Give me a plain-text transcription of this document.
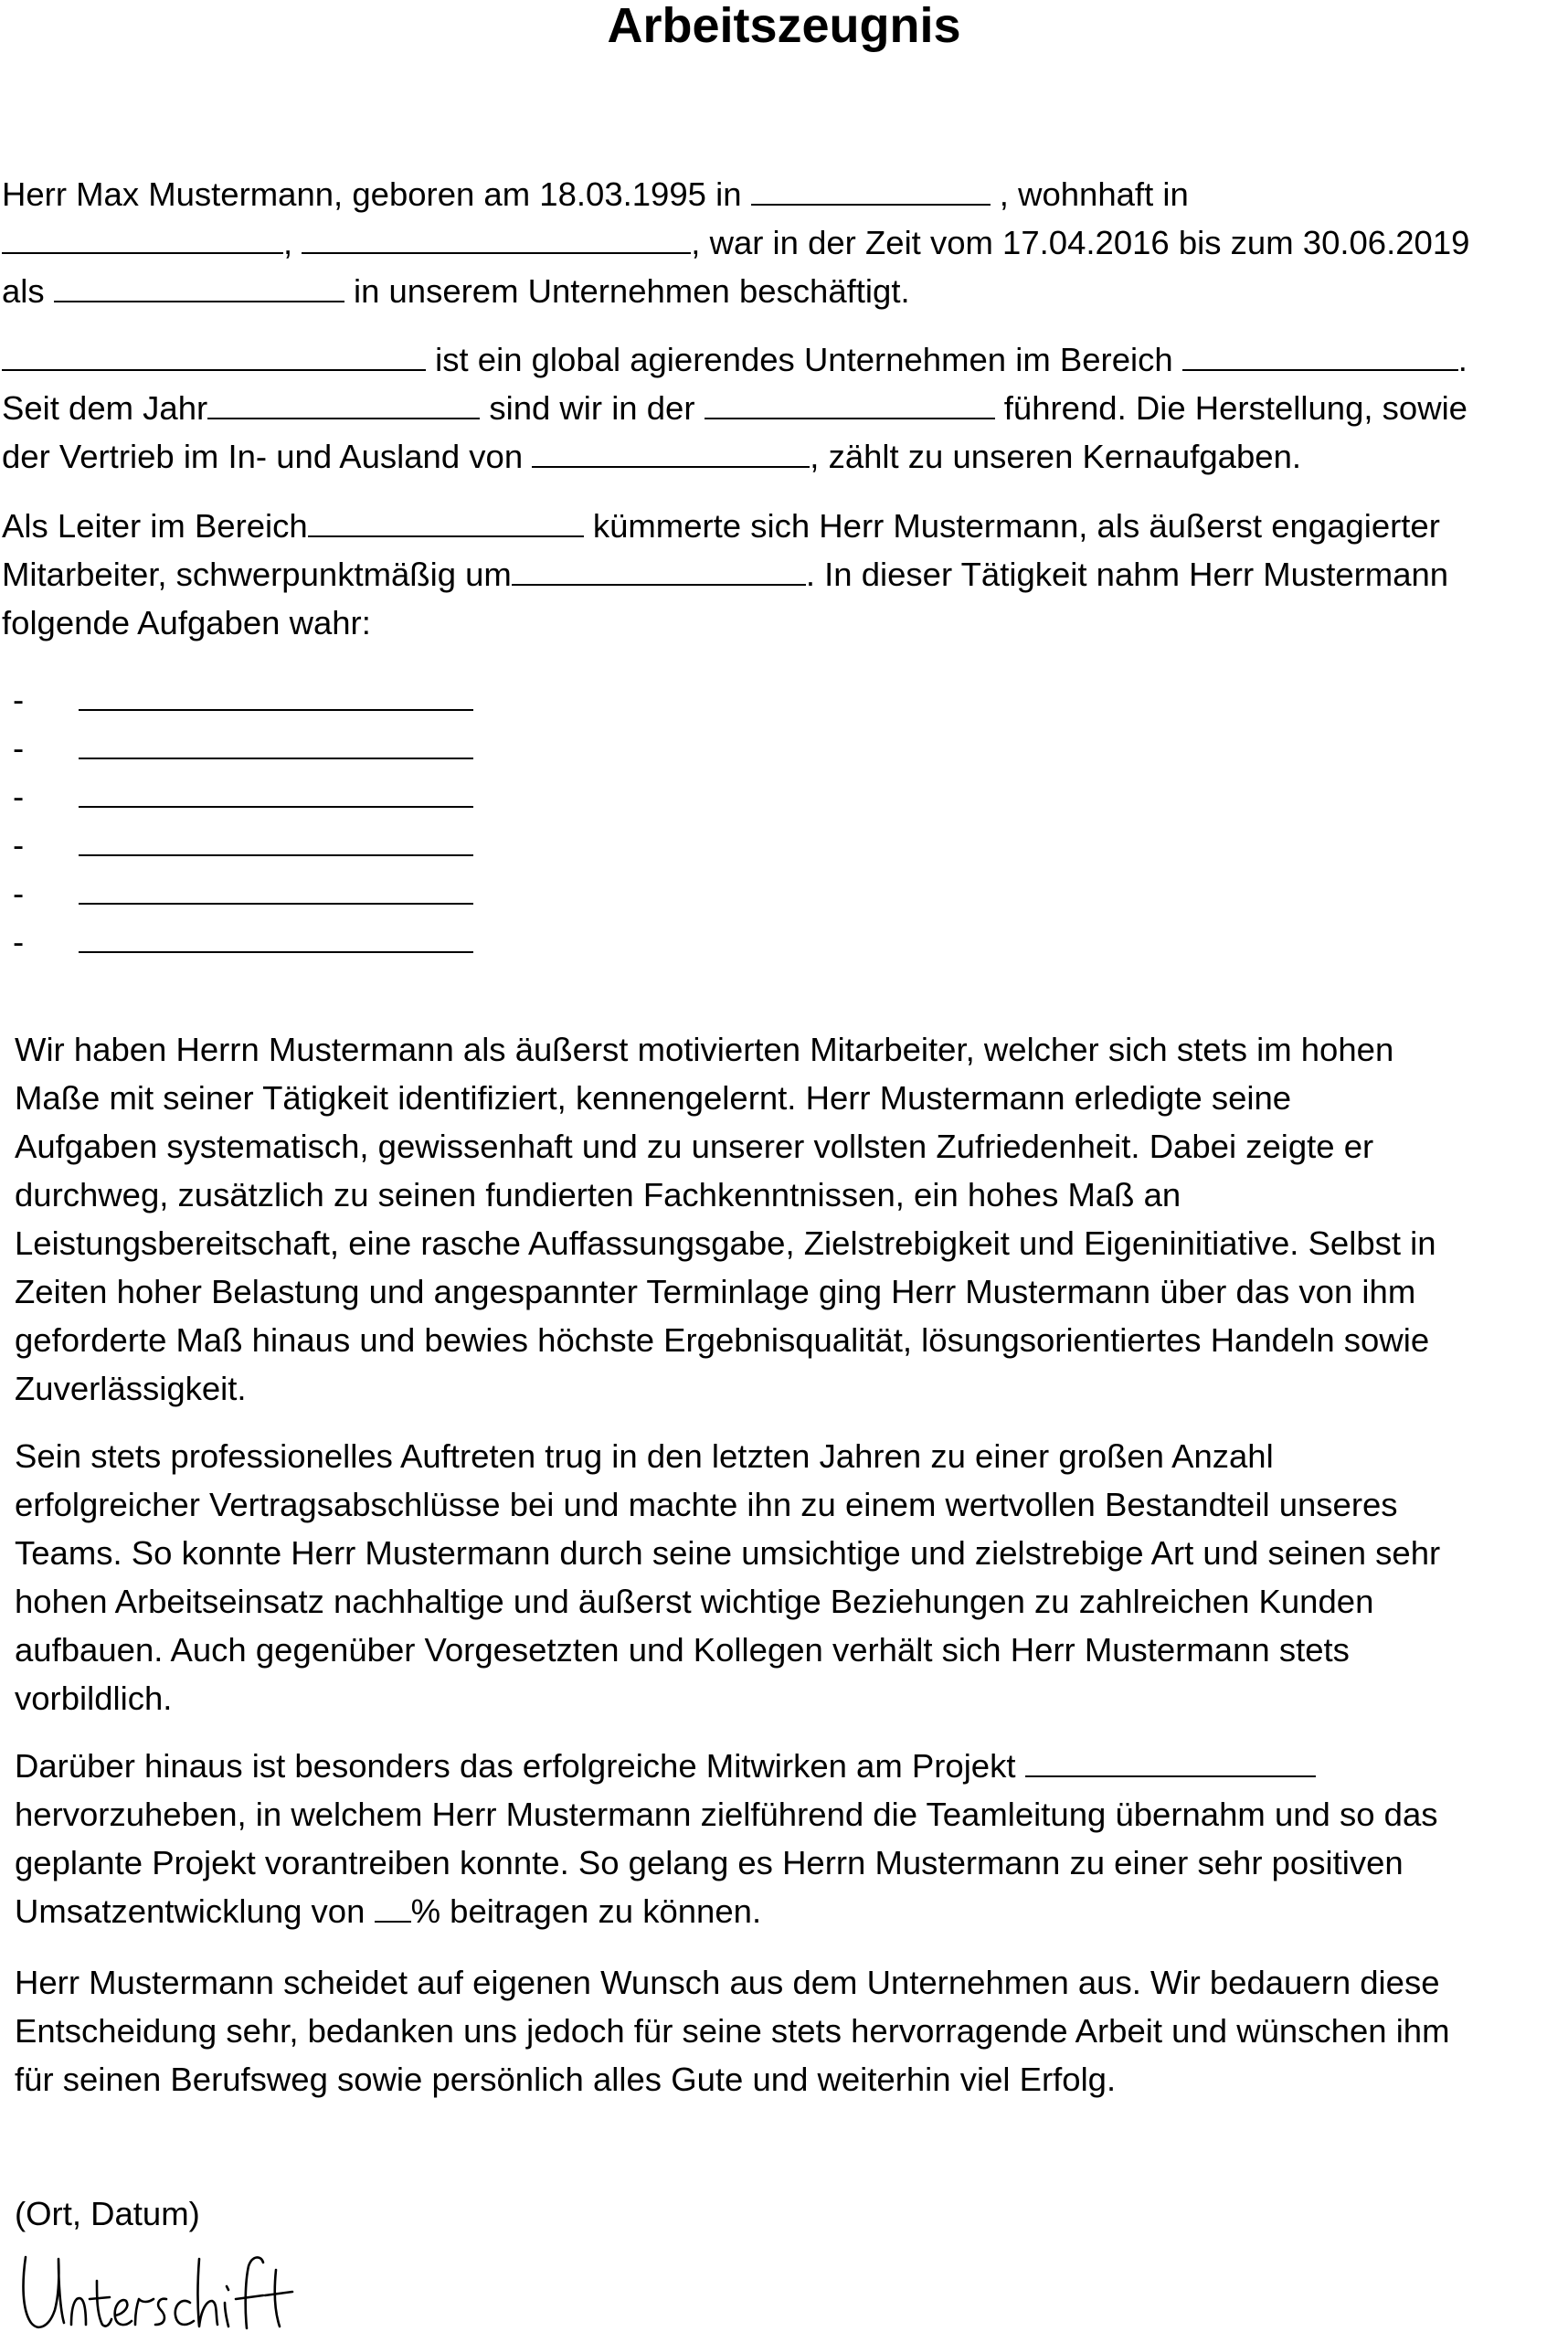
Arbeitszeugnis
Herr Max Mustermann, geboren am 18.03.1995 in	, wohnhaft in
,	, war in der Zeit vom 17.04.2016 bis zum 30.06.2019
als	in unserem Unternehmen beschäftigt.
ist ein global agierendes Unternehmen im Bereich	.
Seit dem Jahr	sind wir in der	führend. Die Herstellung, sowie
der Vertrieb im In- und Ausland von	, zählt zu unseren Kernaufgaben.
Als Leiter im Bereich	kümmerte sich Herr Mustermann, als äußerst engagierter
Mitarbeiter, schwerpunktmäßig um	. In dieser Tätigkeit nahm Herr Mustermann
folgende Aufgaben wahr:
-
-
-
-
-
-
Wir haben Herrn Mustermann als äußerst motivierten Mitarbeiter, welcher sich stets im hohen
Maße mit seiner Tätigkeit identifiziert, kennengelernt. Herr Mustermann erledigte seine
Aufgaben systematisch, gewissenhaft und zu unserer vollsten Zufriedenheit. Dabei zeigte er
durchweg, zusätzlich zu seinen fundierten Fachkenntnissen, ein hohes Maß an
Leistungsbereitschaft, eine rasche Auffassungsgabe, Zielstrebigkeit und Eigeninitiative. Selbst in
Zeiten hoher Belastung und angespannter Terminlage ging Herr Mustermann über das von ihm
geforderte Maß hinaus und bewies höchste Ergebnisqualität, lösungsorientiertes Handeln sowie
Zuverlässigkeit.
Sein stets professionelles Auftreten trug in den letzten Jahren zu einer großen Anzahl
erfolgreicher Vertragsabschlüsse bei und machte ihn zu einem wertvollen Bestandteil unseres
Teams. So konnte Herr Mustermann durch seine umsichtige und zielstrebige Art und seinen sehr
hohen Arbeitseinsatz nachhaltige und äußerst wichtige Beziehungen zu zahlreichen Kunden
aufbauen. Auch gegenüber Vorgesetzten und Kollegen verhält sich Herr Mustermann stets
vorbildlich.
Darüber hinaus ist besonders das erfolgreiche Mitwirken am Projekt
hervorzuheben, in welchem Herr Mustermann zielführend die Teamleitung übernahm und so das
geplante Projekt vorantreiben konnte. So gelang es Herrn Mustermann zu einer sehr positiven
Umsatzentwicklung von % beitragen zu können.
Herr Mustermann scheidet auf eigenen Wunsch aus dem Unternehmen aus. Wir bedauern diese
Entscheidung sehr, bedanken uns jedoch für seine stets hervorragende Arbeit und wünschen ihm
für seinen Berufsweg sowie persönlich alles Gute und weiterhin viel Erfolg.

(Ort, Datum)
